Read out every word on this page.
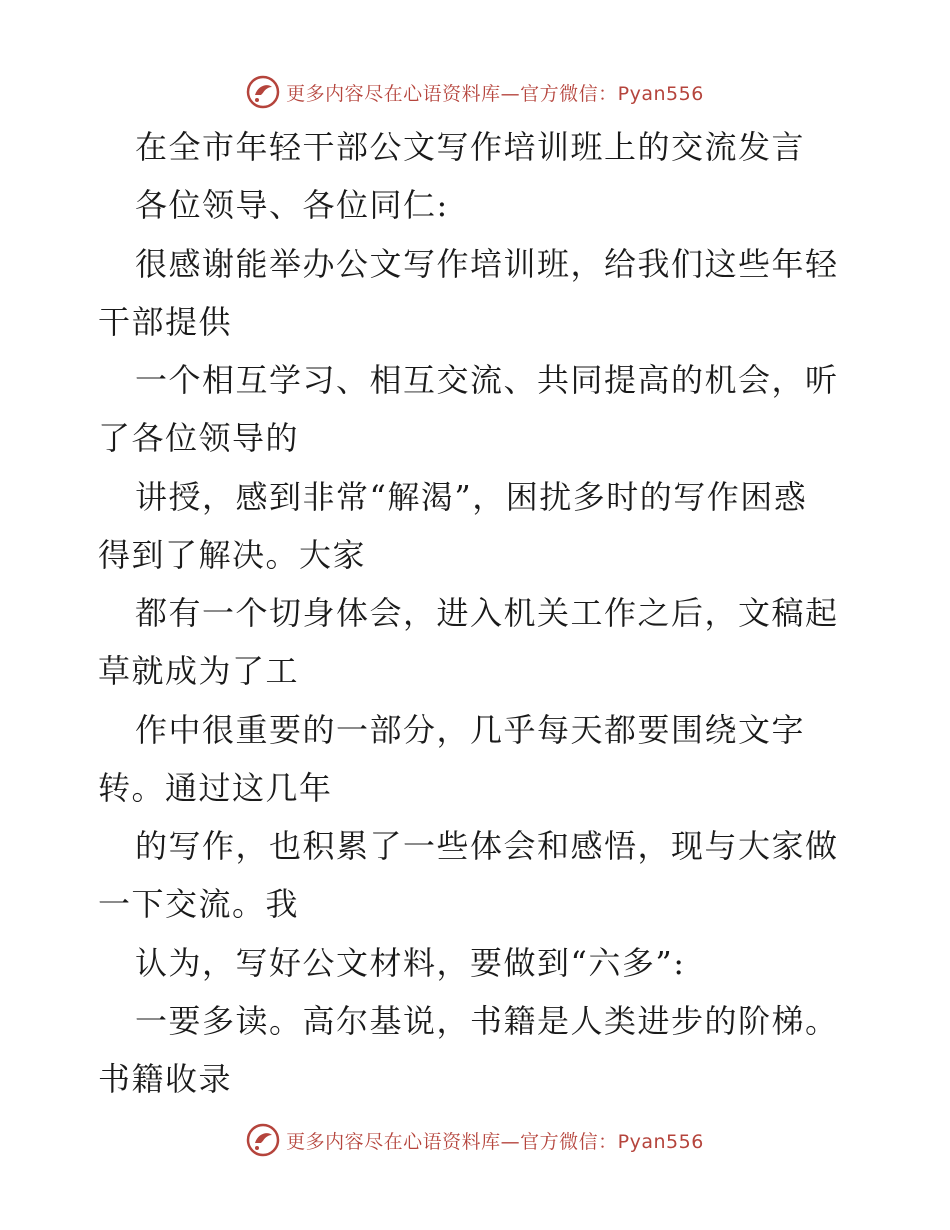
更多内容尽在心语资料库—官方微信：Pyan556
在全市年轻干部公文写作培训班上的交流发言
各位领导、各位同仁:
很感谢能举办公文写作培训班，给我们这些年轻
干部提供
一个相互学习、相互交流、共同提高的机会，听
了各位领导的
讲授，感到非常“解渴”，困扰多时的写作困惑
得到了解决。大家
都有一个切身体会，进入机关工作之后，文稿起
草就成为了工
作中很重要的一部分，几乎每天都要围绕文字
转。通过这几年
的写作，也积累了一些体会和感悟，现与大家做
一下交流。我
认为，写好公文材料，要做到“六多”:
一要多读。高尔基说，书籍是人类进步的阶梯。
书籍收录
更多内容尽在心语资料库—官方微信：Pyan556
